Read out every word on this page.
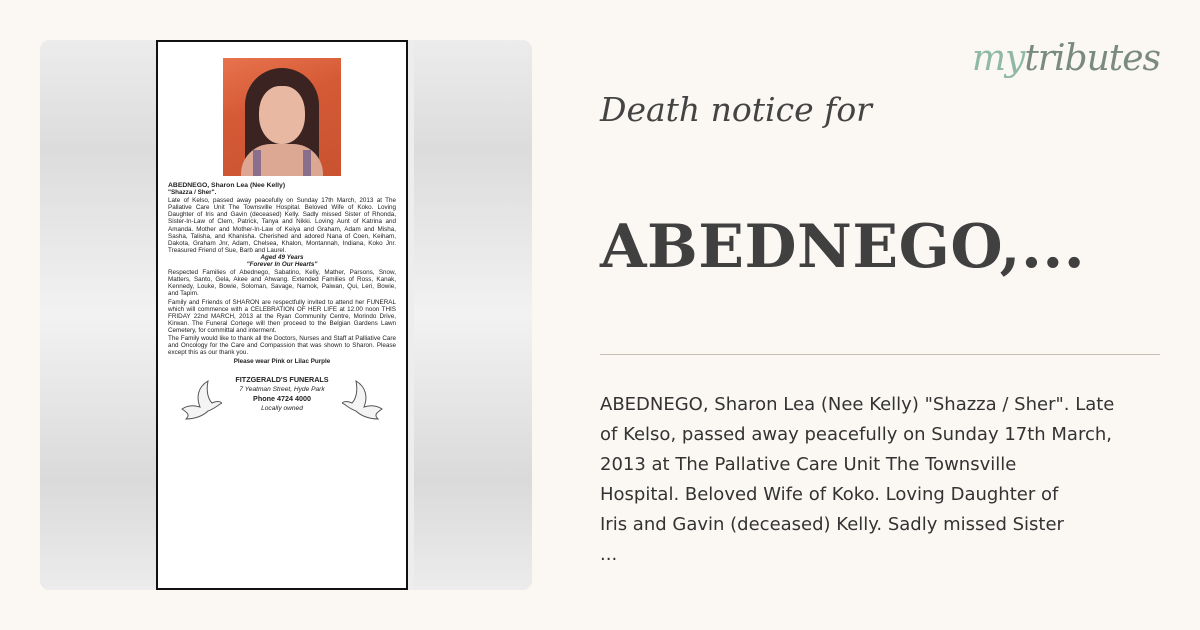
ABEDNEGO, Sharon Lea (Nee Kelly)
"Shazza / Sher".
Late of Kelso, passed away peacefully on Sunday 17th March, 2013 at The Pallative Care Unit The Townsville Hospital. Beloved Wife of Koko. Loving Daughter of Iris and Gavin (deceased) Kelly. Sadly missed Sister of Rhonda, Sister-In-Law of Clem, Patrick, Tanya and Nikki. Loving Aunt of Katrina and Amanda. Mother and Mother-In-Law of Keiya and Graham, Adam and Misha, Sasha, Talisha, and Khanisha. Cherished and adored Nana of Coen, Keiham, Dakota, Graham Jnr, Adam, Chelsea, Khalon, Montannah, Indiana, Koko Jnr. Treasured Friend of Sue, Barb and Laurel.
Aged 49 Years
"Forever In Our Hearts"
Respected Families of Abednego, Sabatino, Kelly, Mather, Parsons, Snow, Matters, Santo, Gela, Akee and Ahwang. Extended Families of Ross, Kanak, Kennedy, Louke, Bowie, Soloman, Savage, Namok, Paiwan, Qui, Leri, Bowie, and Tapim.
Family and Friends of SHARON are respectfully invited to attend her FUNERAL which will commence with a CELEBRATION OF HER LIFE at 12.00 noon THIS FRIDAY 22nd MARCH, 2013 at the Ryan Community Centre, Morindo Drive, Kirwan. The Funeral Cortege will then proceed to the Belgian Gardens Lawn Cemetery, for committal and interment.
The Family would like to thank all the Doctors, Nurses and Staff at Palliative Care and Oncology for the Care and Compassion that was shown to Sharon. Please except this as our thank you.
Please wear Pink or Lilac Purple
FITZGERALD'S FUNERALS
7 Yeatman Street, Hyde Park
Phone 4724 4000
Locally owned
mytributes
Death notice for
ABEDNEGO,...
ABEDNEGO, Sharon Lea (Nee Kelly) "Shazza / Sher". Late
of Kelso, passed away peacefully on Sunday 17th March,
2013 at The Pallative Care Unit The Townsville
Hospital. Beloved Wife of Koko. Loving Daughter of
Iris and Gavin (deceased) Kelly. Sadly missed Sister
...
